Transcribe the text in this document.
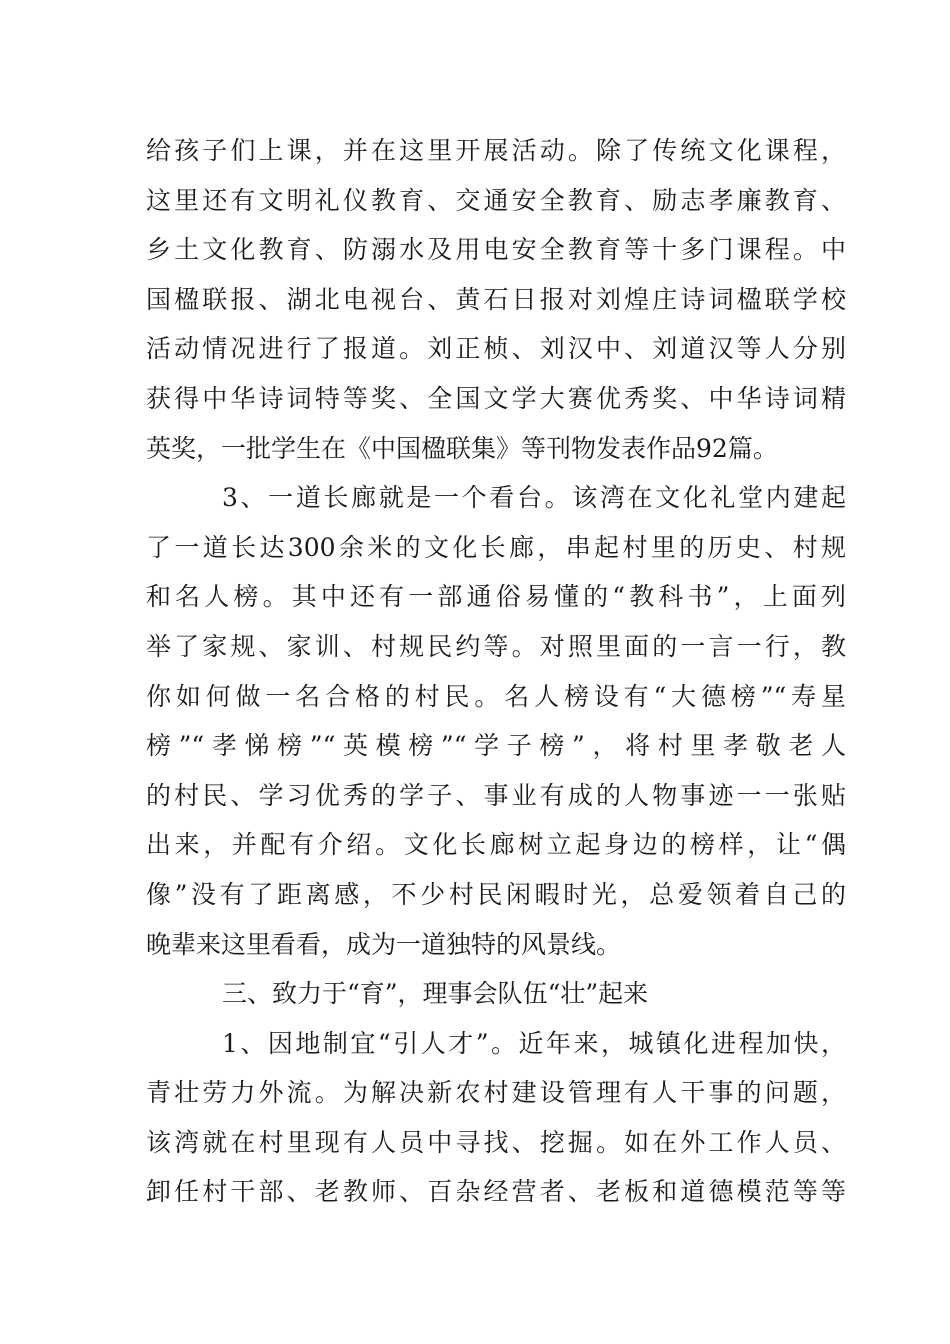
给孩子们上课，并在这里开展活动。除了传统文化课程，

这里还有文明礼仪教育、交通安全教育、励志孝廉教育、

乡土文化教育、防溺水及用电安全教育等十多门课程。中

国楹联报、湖北电视台、黄石日报对刘煌庄诗词楹联学校

活动情况进行了报道。刘正桢、刘汉中、刘道汉等人分别

获得中华诗词特等奖、全国文学大赛优秀奖、中华诗词精

英奖，一批学生在《中国楹联集》等刊物发表作品92篇。

3、一道长廊就是一个看台。该湾在文化礼堂内建起

了一道长达300余米的文化长廊，串起村里的历史、村规

和名人榜。其中还有一部通俗易懂的“教科书”，上面列

举了家规、家训、村规民约等。对照里面的一言一行，教

你如何做一名合格的村民。名人榜设有“大德榜”“寿星

榜”“孝悌榜”“英模榜”“学子榜”，将村里孝敬老人

的村民、学习优秀的学子、事业有成的人物事迹一一张贴

出来，并配有介绍。文化长廊树立起身边的榜样，让“偶

像”没有了距离感，不少村民闲暇时光，总爱领着自己的

晚辈来这里看看，成为一道独特的风景线。

三、致力于“育”，理事会队伍“壮”起来

1、因地制宜“引人才”。近年来，城镇化进程加快，

青壮劳力外流。为解决新农村建设管理有人干事的问题，

该湾就在村里现有人员中寻找、挖掘。如在外工作人员、

卸任村干部、老教师、百杂经营者、老板和道德模范等等
